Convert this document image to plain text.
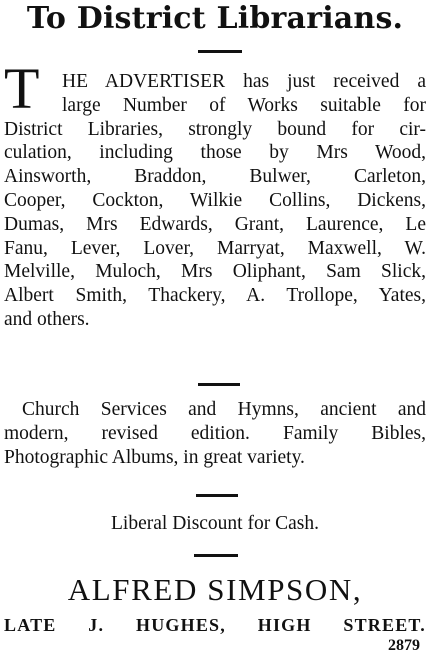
To District Librarians.
T	HE ADVERTISER has just received a
large Number of Works suitable for
District Libraries, strongly bound for cir-
culation, including those by Mrs Wood,
Ainsworth, Braddon, Bulwer, Carleton,
Cooper, Cockton, Wilkie Collins, Dickens,
Dumas, Mrs Edwards, Grant, Laurence, Le
Fanu, Lever, Lover, Marryat, Maxwell, W.
Melville, Muloch, Mrs Oliphant, Sam Slick,
Albert Smith, Thackery, A. Trollope, Yates,
and others.
Church Services and Hymns, ancient and
modern, revised edition. Family Bibles,
Photographic Albums, in great variety.
Liberal Discount for Cash.
ALFRED SIMPSON,
LATE J. HUGHES, HIGH STREET.
2879
